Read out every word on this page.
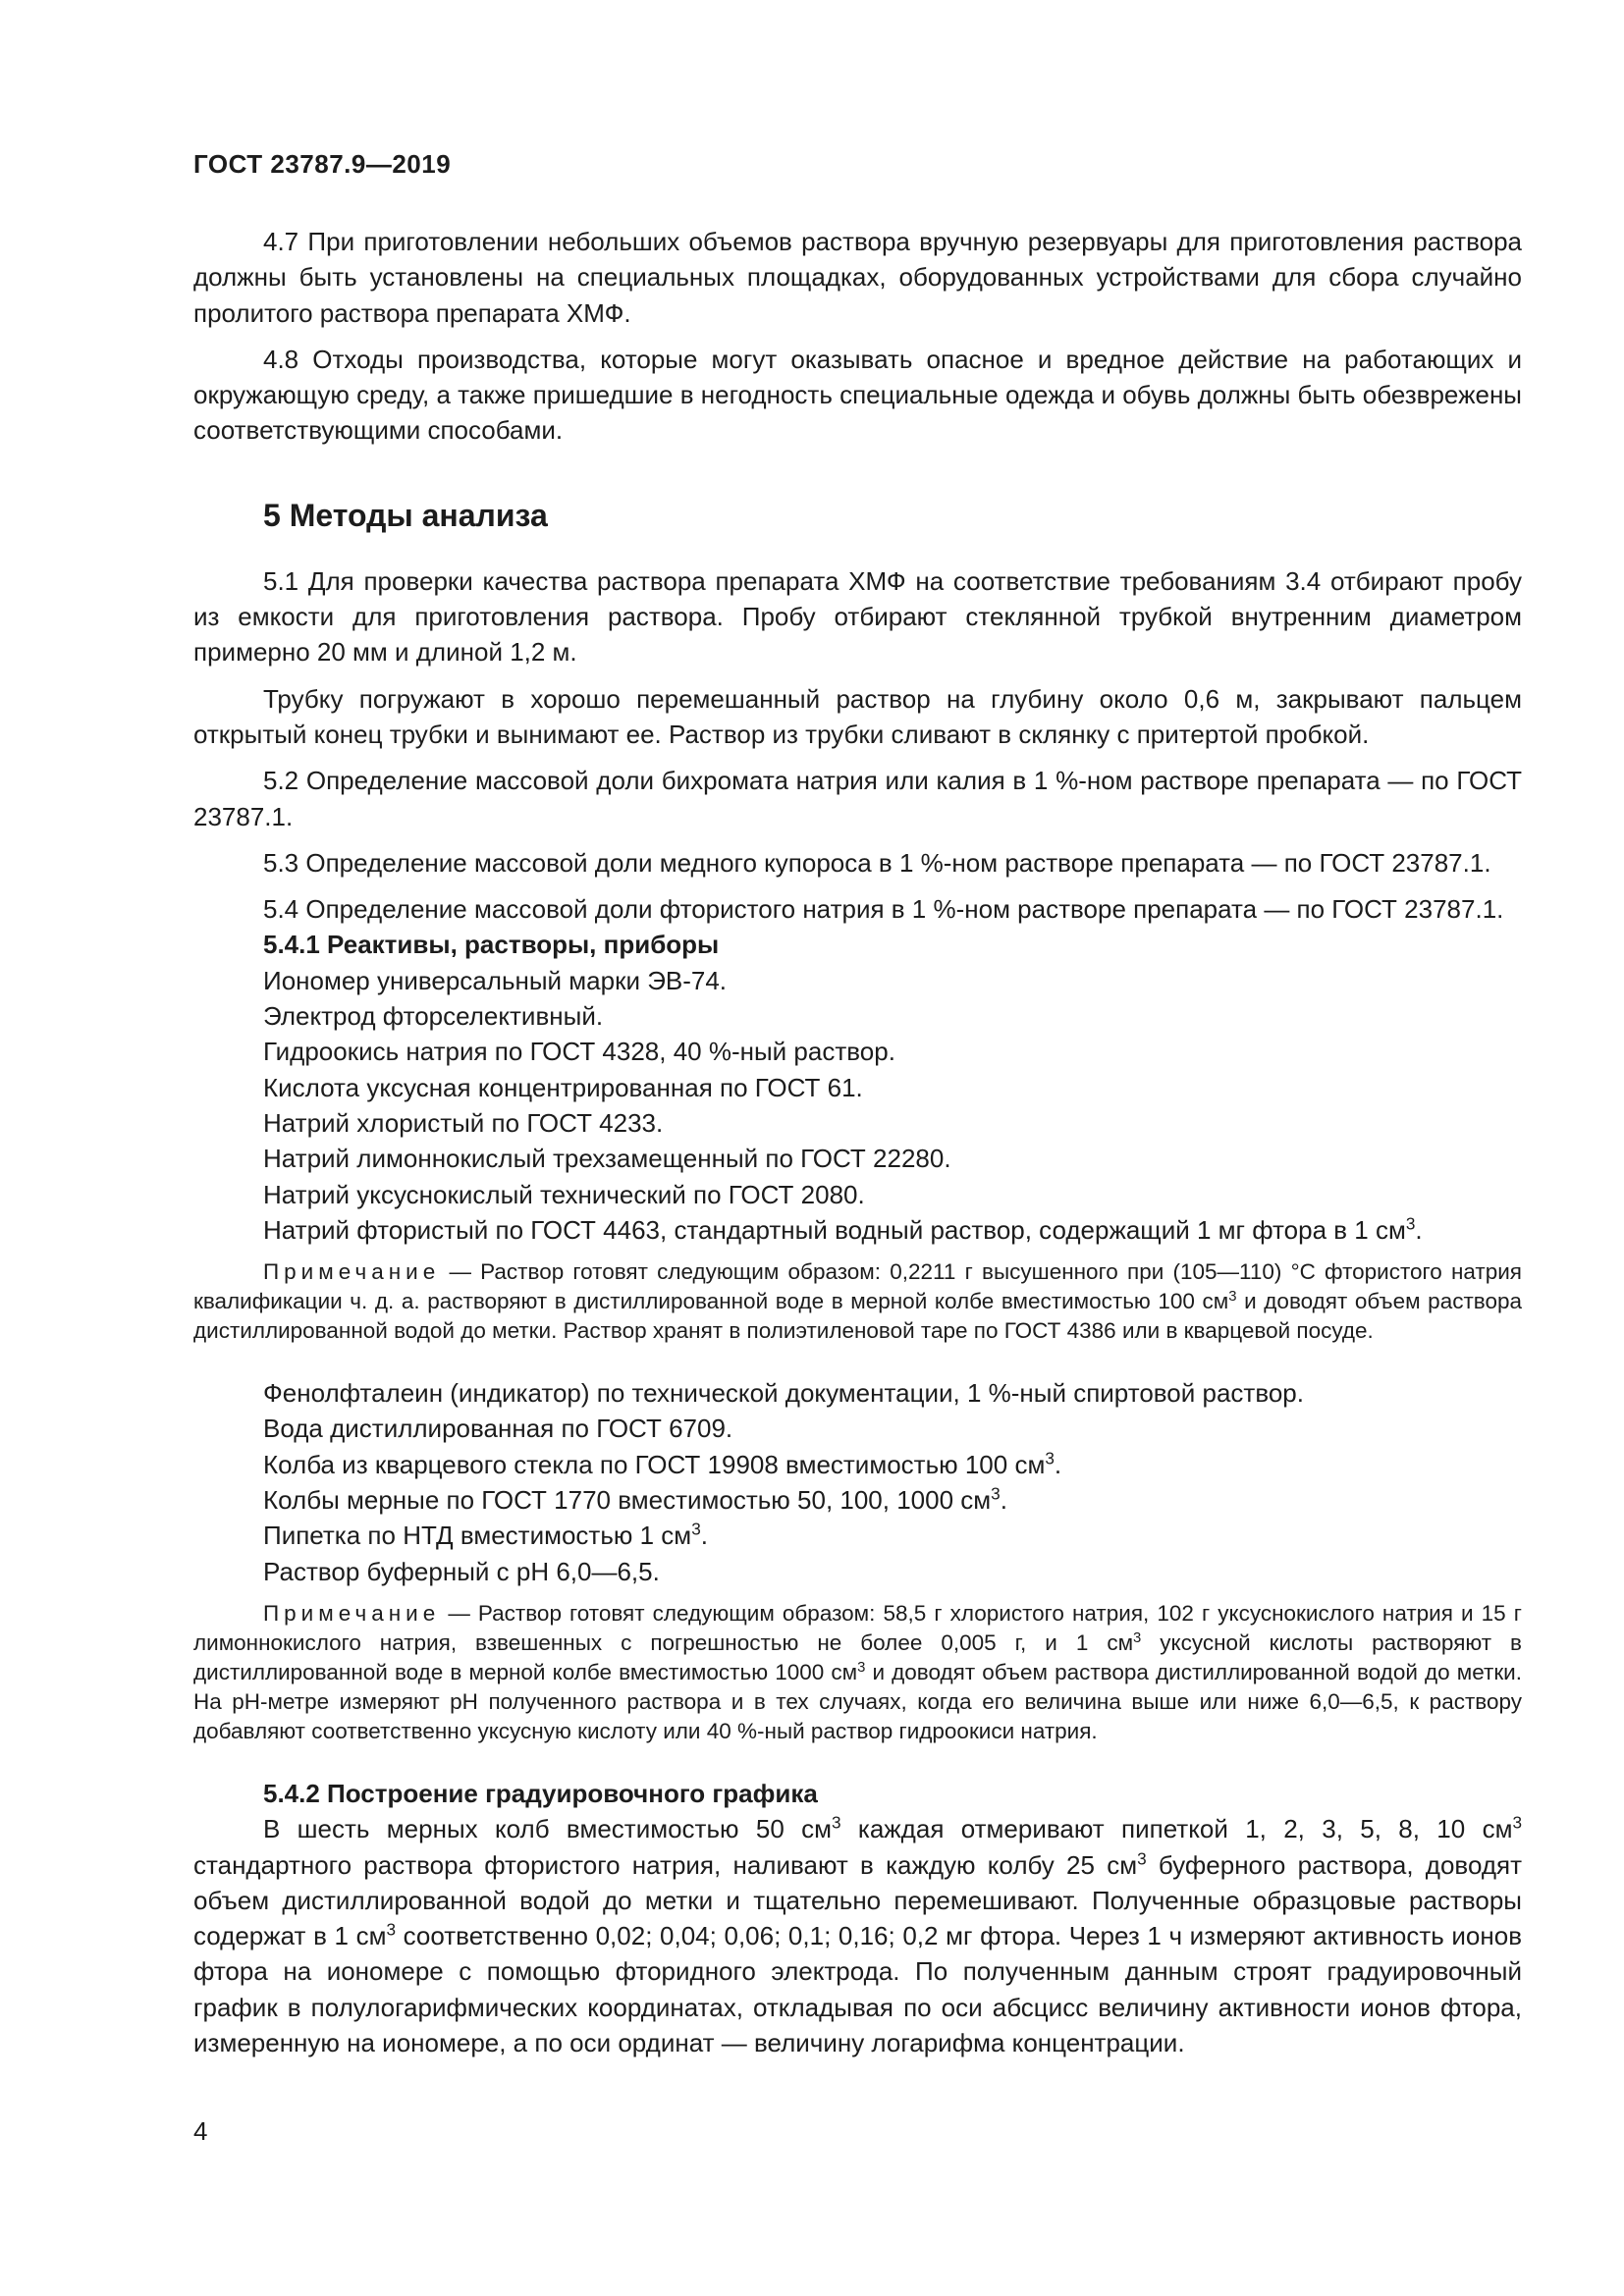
ГОСТ 23787.9—2019

4.7 При приготовлении небольших объемов раствора вручную резервуары для приготовления раствора должны быть установлены на специальных площадках, оборудованных устройствами для сбора случайно пролитого раствора препарата ХМФ.

4.8 Отходы производства, которые могут оказывать опасное и вредное действие на работающих и окружающую среду, а также пришедшие в негодность специальные одежда и обувь должны быть обезврежены соответствующими способами.

5 Методы анализа

5.1 Для проверки качества раствора препарата ХМФ на соответствие требованиям 3.4 отбирают пробу из емкости для приготовления раствора. Пробу отбирают стеклянной трубкой внутренним диаметром примерно 20 мм и длиной 1,2 м.

Трубку погружают в хорошо перемешанный раствор на глубину около 0,6 м, закрывают пальцем открытый конец трубки и вынимают ее. Раствор из трубки сливают в склянку с притертой пробкой.

5.2 Определение массовой доли бихромата натрия или калия в 1 %-ном растворе препарата — по ГОСТ 23787.1.

5.3 Определение массовой доли медного купороса в 1 %-ном растворе препарата — по ГОСТ 23787.1.

5.4 Определение массовой доли фтористого натрия в 1 %-ном растворе препарата — по ГОСТ 23787.1.

5.4.1 Реактивы, растворы, приборы

Иономер универсальный марки ЭВ-74.

Электрод фторселективный.

Гидроокись натрия по ГОСТ 4328, 40 %-ный раствор.

Кислота уксусная концентрированная по ГОСТ 61.

Натрий хлористый по ГОСТ 4233.

Натрий лимоннокислый трехзамещенный по ГОСТ 22280.

Натрий уксуснокислый технический по ГОСТ 2080.

Натрий фтористый по ГОСТ 4463, стандартный водный раствор, содержащий 1 мг фтора в 1 $см^3$.

Примечание — Раствор готовят следующим образом: 0,2211 г высушенного при (105—110) °С фтористого натрия квалификации ч. д. а. растворяют в дистиллированной воде в мерной колбе вместимостью 100 $см^3$ и доводят объем раствора дистиллированной водой до метки. Раствор хранят в полиэтиленовой таре по ГОСТ 4386 или в кварцевой посуде.

Фенолфталеин (индикатор) по технической документации, 1 %-ный спиртовой раствор.

Вода дистиллированная по ГОСТ 6709.

Колба из кварцевого стекла по ГОСТ 19908 вместимостью 100 $см^3$.

Колбы мерные по ГОСТ 1770 вместимостью 50, 100, 1000 $см^3$.

Пипетка по НТД вместимостью 1 $см^3$.

Раствор буферный с рН 6,0—6,5.

Примечание — Раствор готовят следующим образом: 58,5 г хлористого натрия, 102 г уксуснокислого натрия и 15 г лимоннокислого натрия, взвешенных с погрешностью не более 0,005 г, и 1 $см^3$ уксусной кислоты растворяют в дистиллированной воде в мерной колбе вместимостью 1000 $см^3$ и доводят объем раствора дистиллированной водой до метки. На рН-метре измеряют рН полученного раствора и в тех случаях, когда его величина выше или ниже 6,0—6,5, к раствору добавляют соответственно уксусную кислоту или 40 %-ный раствор гидроокиси натрия.

5.4.2 Построение градуировочного графика

В шесть мерных колб вместимостью 50 $см^3$ каждая отмеривают пипеткой 1, 2, 3, 5, 8, 10 $см^3$ стандартного раствора фтористого натрия, наливают в каждую колбу 25 $см^3$ буферного раствора, доводят объем дистиллированной водой до метки и тщательно перемешивают. Полученные образцовые растворы содержат в 1 $см^3$ соответственно 0,02; 0,04; 0,06; 0,1; 0,16; 0,2 мг фтора. Через 1 ч измеряют активность ионов фтора на иономере с помощью фторидного электрода. По полученным данным строят градуировочный график в полулогарифмических координатах, откладывая по оси абсцисс величину активности ионов фтора, измеренную на иономере, а по оси ординат — величину логарифма концентрации.

4
